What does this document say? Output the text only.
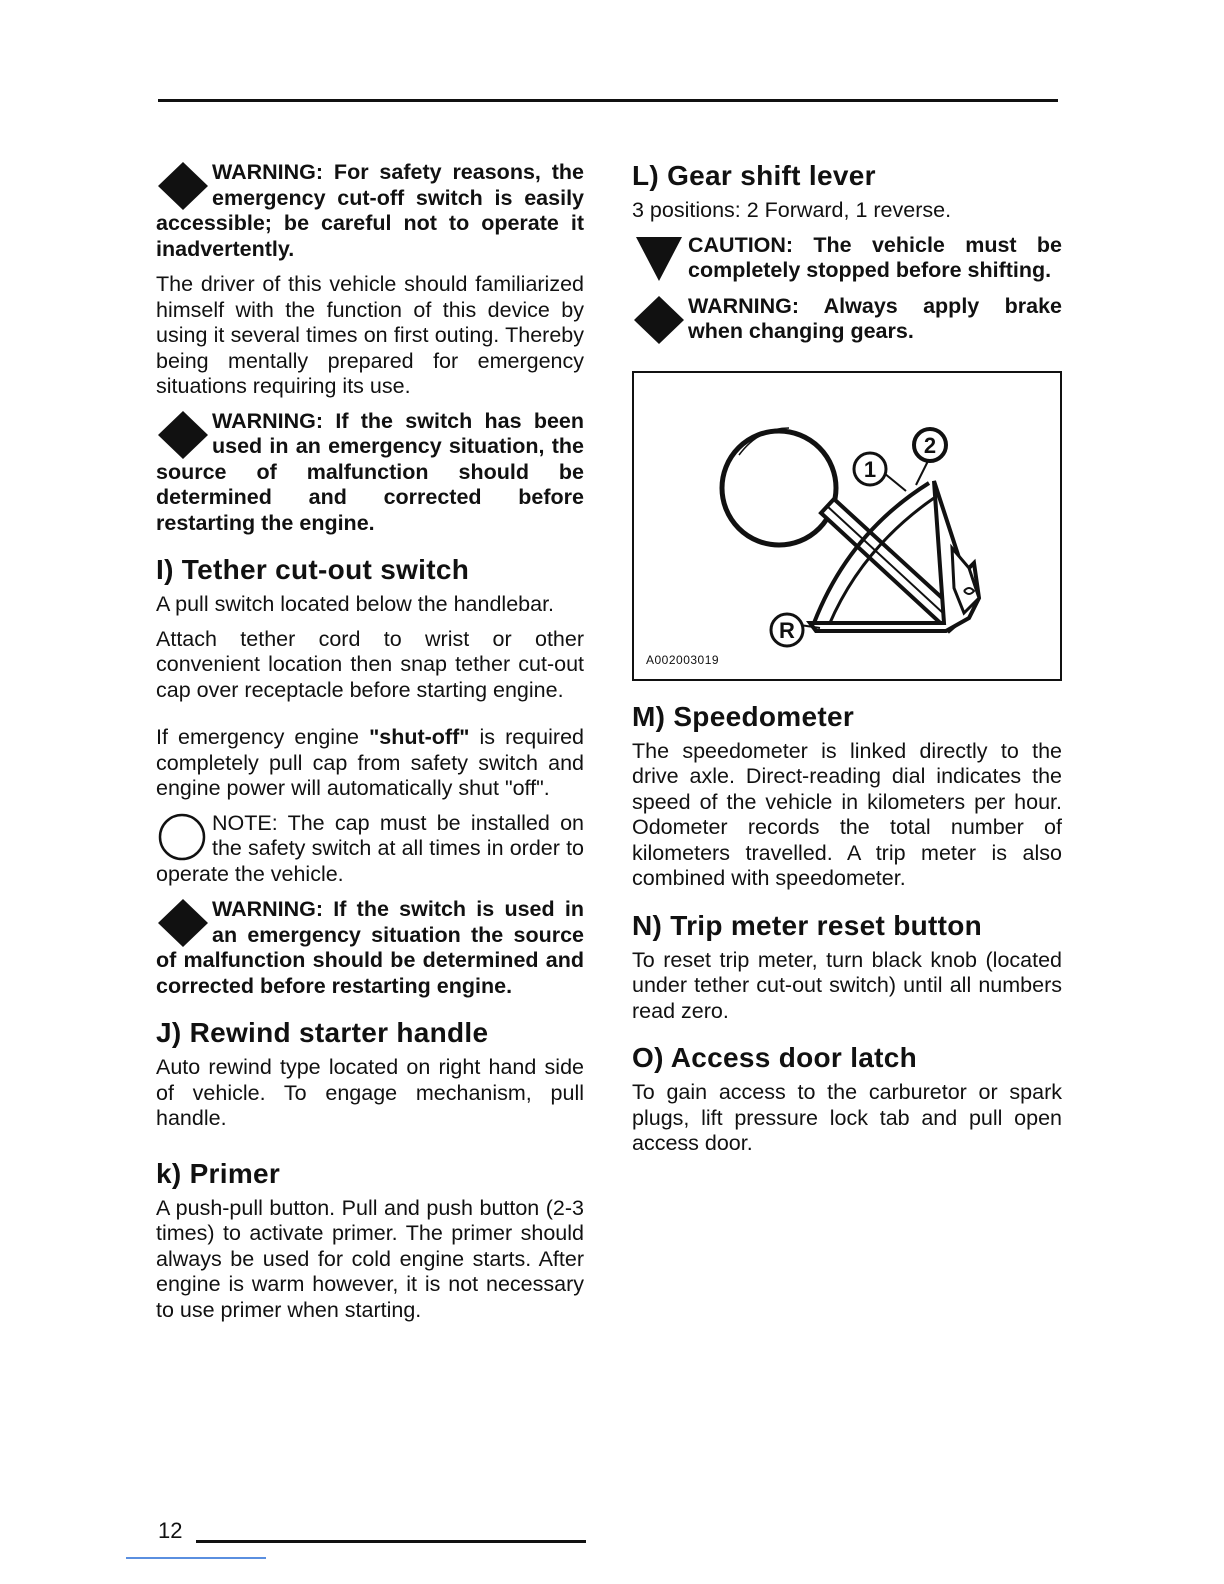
WARNING: For safety reasons, the emergency cut-off switch is easily accessible; be careful not to operate it inadvertently.

The driver of this vehicle should familiarized himself with the function of this device by using it several times on first outing. Thereby being mentally prepared for emergency situations requiring its use.

WARNING: If the switch has been used in an emergency situation, the source of malfunction should be determined and corrected before restarting the engine.
I) Tether cut-out switch

A pull switch located below the handlebar.

Attach tether cord to wrist or other convenient location then snap tether cut-out cap over receptacle before starting engine.

If emergency engine "shut-off" is required completely pull cap from safety switch and engine power will automatically shut "off".

NOTE: The cap must be installed on the safety switch at all times in order to operate the vehicle.
WARNING: If the switch is used in an emergency situation the source of malfunction should be determined and corrected before restarting engine.
J) Rewind starter handle

Auto rewind type located on right hand side of vehicle. To engage mechanism, pull handle.

k) Primer

A push-pull button. Pull and push button (2-3 times) to activate primer. The primer should always be used for cold engine starts. After engine is warm however, it is not necessary to use primer when starting.

L) Gear shift lever

3 positions: 2 Forward, 1 reverse.

CAUTION: The vehicle must be completely stopped before shifting.
WARNING: Always apply brake when changing gears.
2
1
R
A002003019
M) Speedometer

The speedometer is linked directly to the drive axle. Direct-reading dial indicates the speed of the vehicle in kilometers per hour. Odometer records the total number of kilometers travelled. A trip meter is also combined with speedometer.

N) Trip meter reset button

To reset trip meter, turn black knob (located under tether cut-out switch) until all numbers read zero.

O) Access door latch

To gain access to the carburetor or spark plugs, lift pressure lock tab and pull open access door.

12
